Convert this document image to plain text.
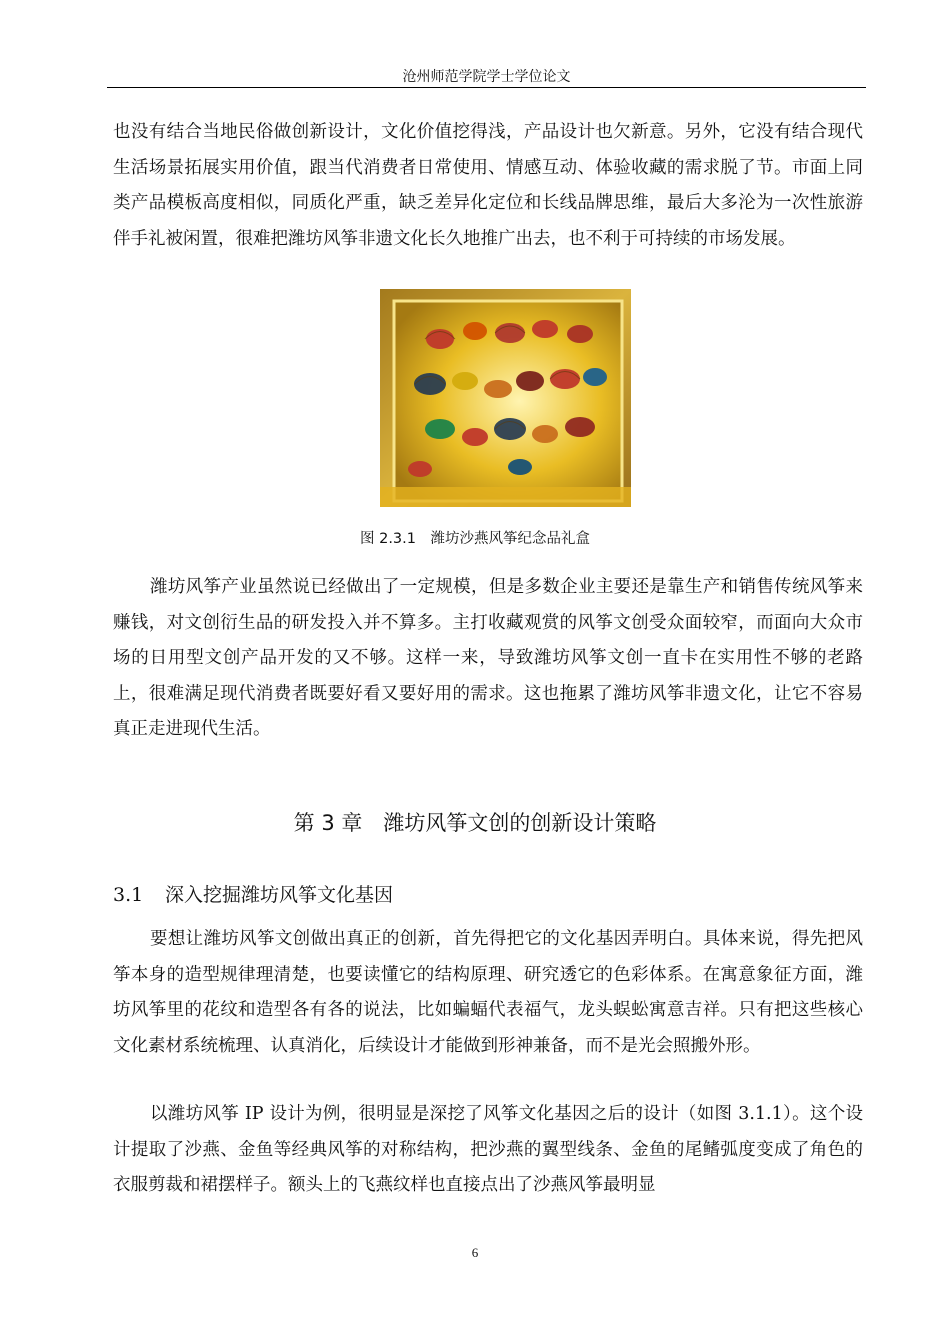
沧州师范学院学士学位论文

也没有结合当地民俗做创新设计，文化价值挖得浅，产品设计也欠新意。另外，它没有结合现代生活场景拓展实用价值，跟当代消费者日常使用、情感互动、体验收藏的需求脱了节。市面上同类产品模板高度相似，同质化严重，缺乏差异化定位和长线品牌思维，最后大多沦为一次性旅游伴手礼被闲置，很难把潍坊风筝非遗文化长久地推广出去，也不利于可持续的市场发展。

图 2.3.1　潍坊沙燕风筝纪念品礼盒

潍坊风筝产业虽然说已经做出了一定规模，但是多数企业主要还是靠生产和销售传统风筝来赚钱，对文创衍生品的研发投入并不算多。主打收藏观赏的风筝文创受众面较窄，而面向大众市场的日用型文创产品开发的又不够。这样一来，导致潍坊风筝文创一直卡在实用性不够的老路上，很难满足现代消费者既要好看又要好用的需求。这也拖累了潍坊风筝非遗文化，让它不容易真正走进现代生活。

第 3 章　潍坊风筝文创的创新设计策略
3.1 深入挖掘潍坊风筝文化基因

要想让潍坊风筝文创做出真正的创新，首先得把它的文化基因弄明白。具体来说，得先把风筝本身的造型规律理清楚，也要读懂它的结构原理、研究透它的色彩体系。在寓意象征方面，潍坊风筝里的花纹和造型各有各的说法，比如蝙蝠代表福气，龙头蜈蚣寓意吉祥。只有把这些核心文化素材系统梳理、认真消化，后续设计才能做到形神兼备，而不是光会照搬外形。

以潍坊风筝 IP 设计为例，很明显是深挖了风筝文化基因之后的设计（如图 3.1.1）。这个设计提取了沙燕、金鱼等经典风筝的对称结构，把沙燕的翼型线条、金鱼的尾鳍弧度变成了角色的衣服剪裁和裙摆样子。额头上的飞燕纹样也直接点出了沙燕风筝最明显

6
